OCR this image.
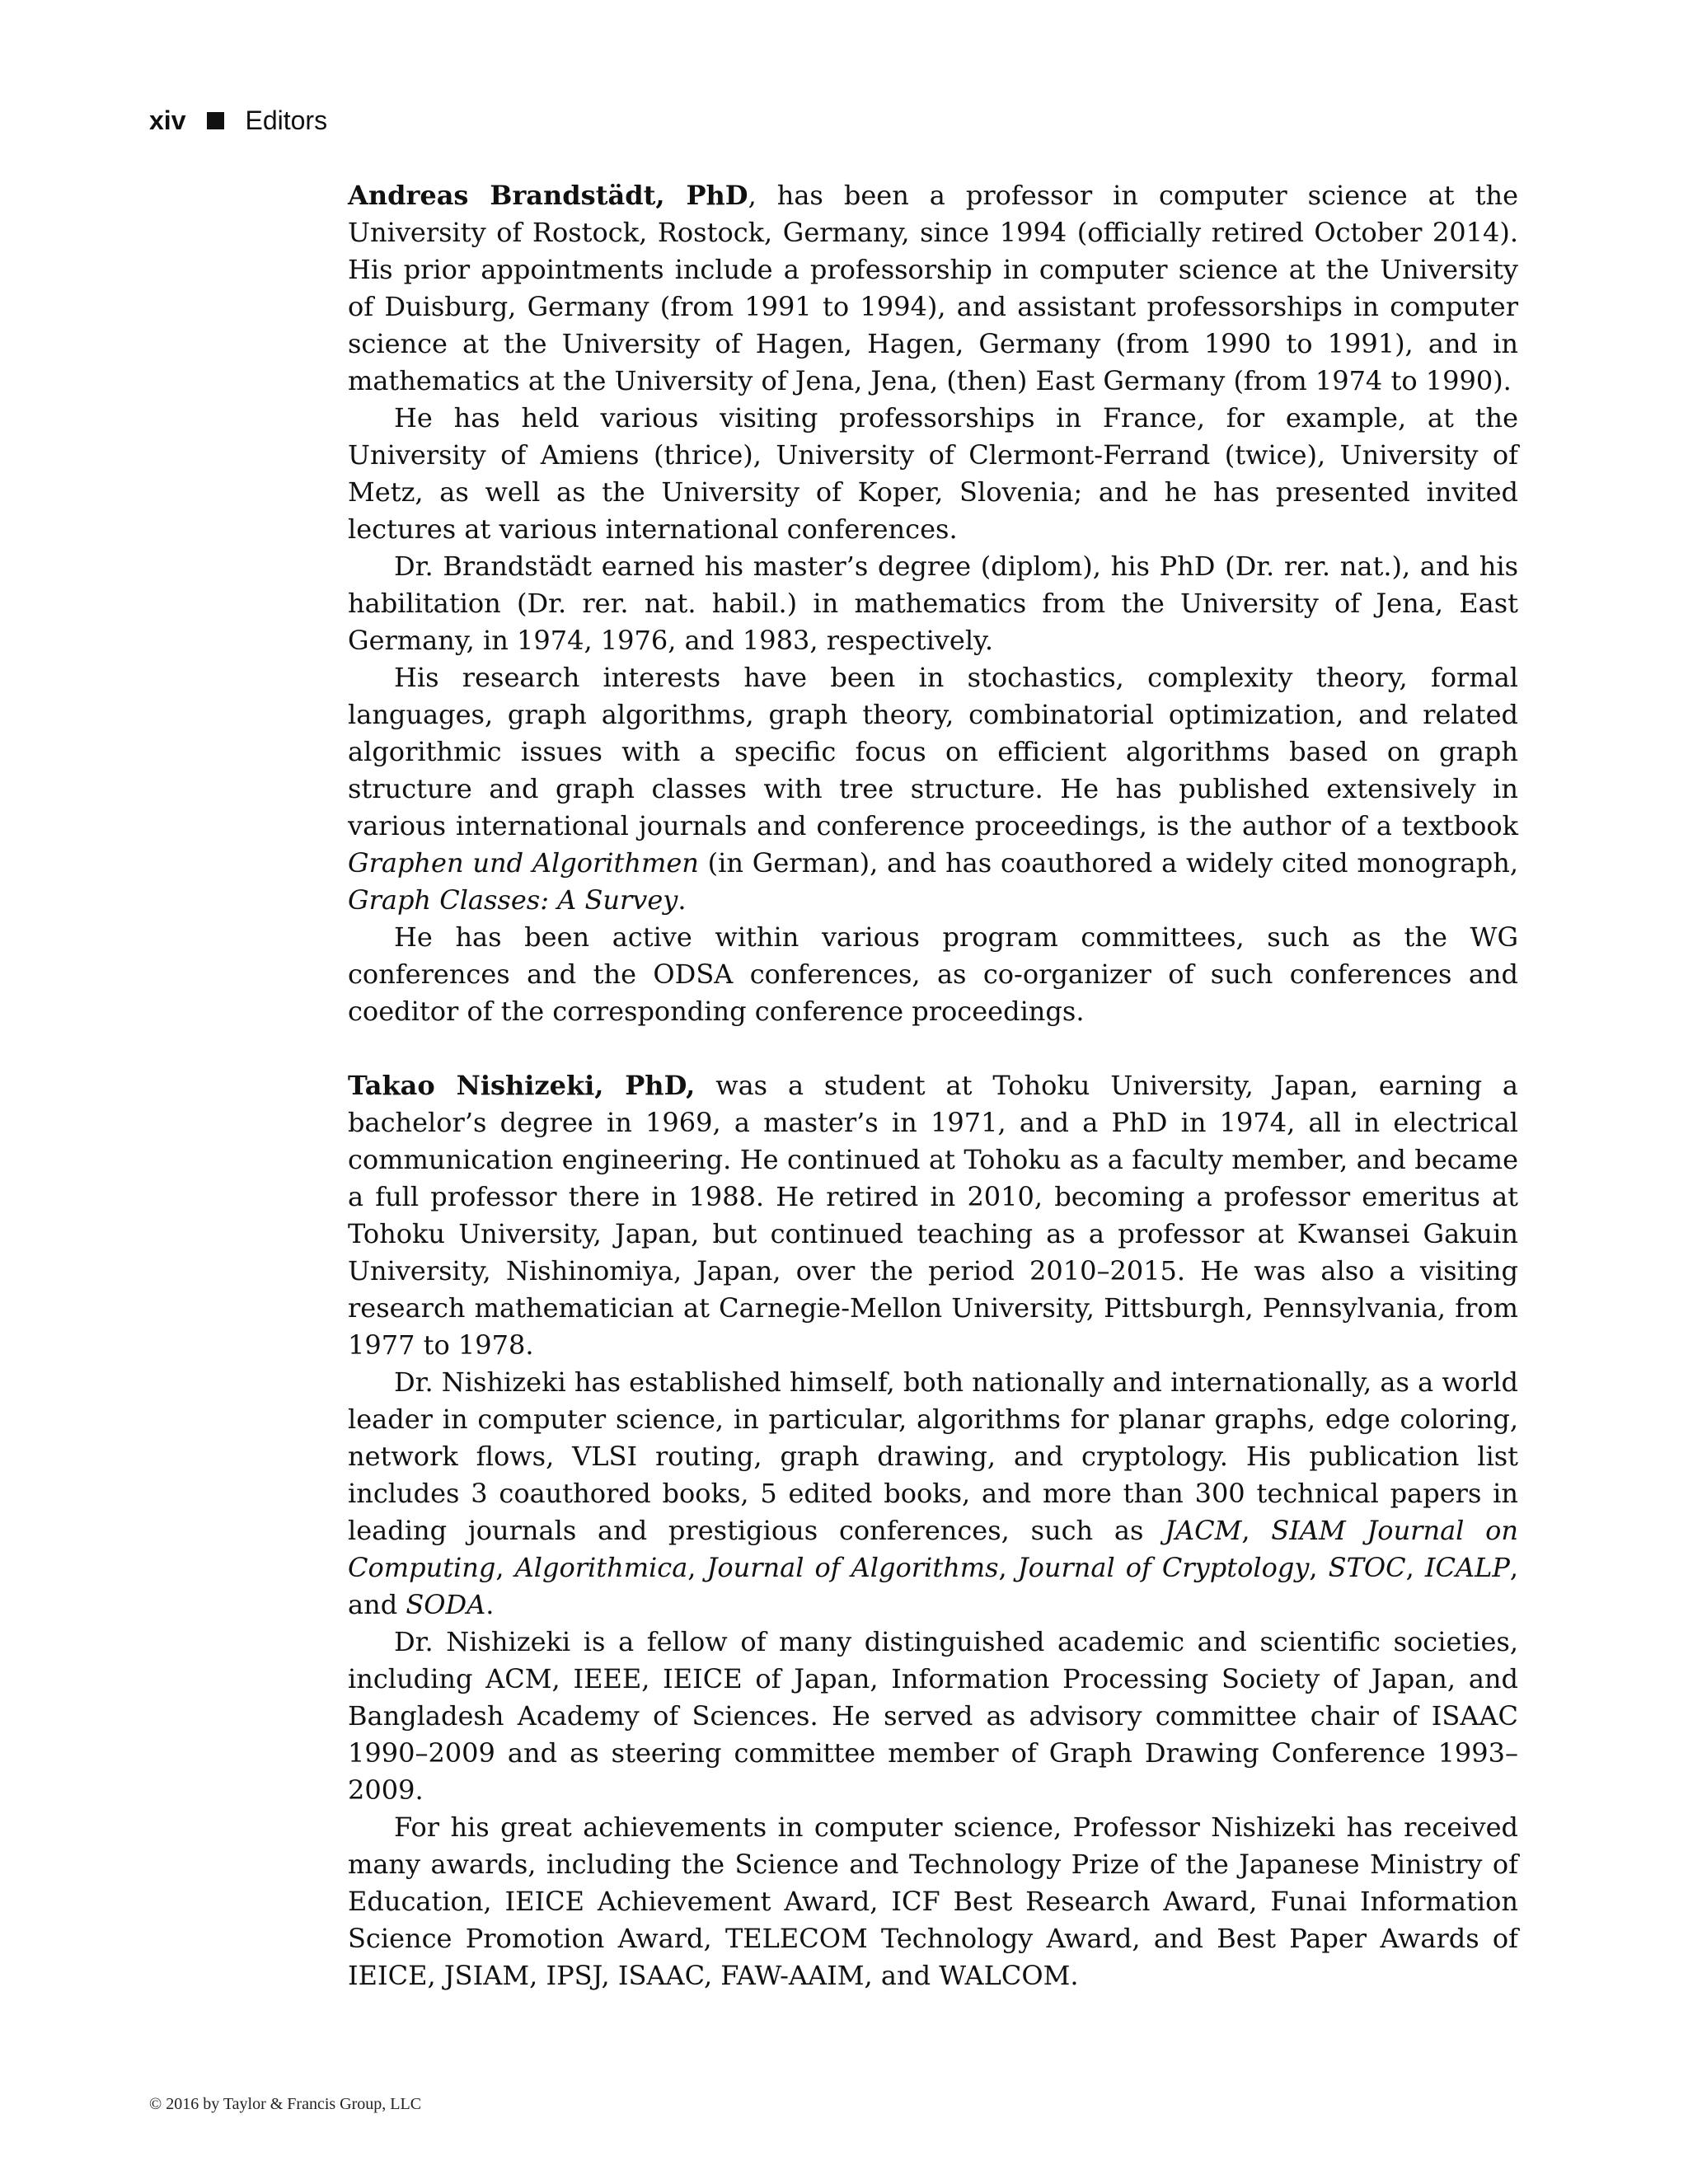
xiv Editors

Andreas Brandstädt, PhD, has been a professor in computer science at the University of Rostock, Rostock, Germany, since 1994 (officially retired October 2014). His prior appointments include a professorship in computer science at the University of Duisburg, Germany (from 1991 to 1994), and assistant professorships in computer science at the University of Hagen, Hagen, Germany (from 1990 to 1991), and in mathematics at the University of Jena, Jena, (then) East Germany (from 1974 to 1990).

He has held various visiting professorships in France, for example, at the University of Amiens (thrice), University of Clermont-Ferrand (twice), University of Metz, as well as the University of Koper, Slovenia; and he has presented invited lectures at various international conferences.

Dr. Brandstädt earned his master’s degree (diplom), his PhD (Dr. rer. nat.), and his habilitation (Dr. rer. nat. habil.) in mathematics from the University of Jena, East Germany, in 1974, 1976, and 1983, respectively.

His research interests have been in stochastics, complexity theory, formal languages, graph algorithms, graph theory, combinatorial optimization, and related algorithmic issues with a specific focus on efficient algorithms based on graph structure and graph classes with tree structure. He has published extensively in various international journals and conference proceedings, is the author of a textbook Graphen und Algorithmen (in German), and has coauthored a widely cited monograph, Graph Classes: A Survey.

He has been active within various program committees, such as the WG conferences and the ODSA conferences, as co-organizer of such conferences and coeditor of the corresponding conference proceedings.

Takao Nishizeki, PhD, was a student at Tohoku University, Japan, earning a bachelor’s degree in 1969, a master’s in 1971, and a PhD in 1974, all in electrical communication engineering. He continued at Tohoku as a faculty member, and became a full professor there in 1988. He retired in 2010, becoming a professor emeritus at Tohoku University, Japan, but continued teaching as a professor at Kwansei Gakuin University, Nishinomiya, Japan, over the period 2010–2015. He was also a visiting research mathematician at Carnegie-Mellon University, Pittsburgh, Pennsylvania, from 1977 to 1978.

Dr. Nishizeki has established himself, both nationally and internationally, as a world leader in computer science, in particular, algorithms for planar graphs, edge coloring, network flows, VLSI routing, graph drawing, and cryptology. His publication list includes 3 coauthored books, 5 edited books, and more than 300 technical papers in leading journals and prestigious conferences, such as JACM, SIAM Journal on Computing, Algorithmica, Journal of Algorithms, Journal of Cryptology, STOC, ICALP, and SODA.

Dr. Nishizeki is a fellow of many distinguished academic and scientific societies, including ACM, IEEE, IEICE of Japan, Information Processing Society of Japan, and Bangladesh Academy of Sciences. He served as advisory committee chair of ISAAC 1990–2009 and as steering committee member of Graph Drawing Conference 1993–2009.

For his great achievements in computer science, Professor Nishizeki has received many awards, including the Science and Technology Prize of the Japanese Ministry of Education, IEICE Achievement Award, ICF Best Research Award, Funai Information Science Promotion Award, TELECOM Technology Award, and Best Paper Awards of IEICE, JSIAM, IPSJ, ISAAC, FAW-AAIM, and WALCOM.

© 2016 by Taylor & Francis Group, LLC
